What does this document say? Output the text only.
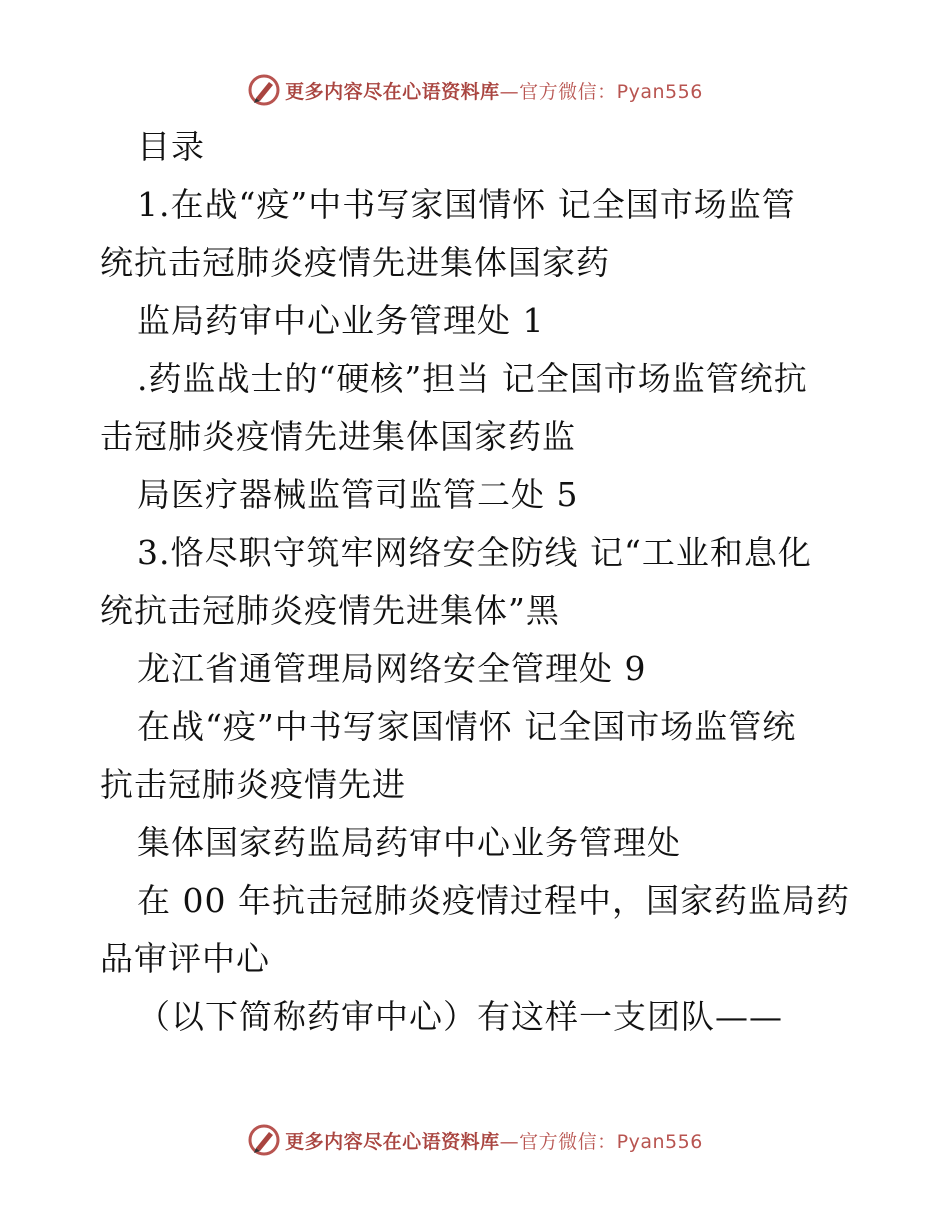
更多内容尽在心语资料库—官方微信：Pyan556
目录
1.在战“疫”中书写家国情怀 记全国市场监管
统抗击冠肺炎疫情先进集体国家药
监局药审中心业务管理处 1
.药监战士的“硬核”担当 记全国市场监管统抗
击冠肺炎疫情先进集体国家药监
局医疗器械监管司监管二处 5
3.恪尽职守筑牢网络安全防线 记“工业和息化
统抗击冠肺炎疫情先进集体”黑
龙江省通管理局网络安全管理处 9
在战“疫”中书写家国情怀 记全国市场监管统
抗击冠肺炎疫情先进
集体国家药监局药审中心业务管理处
在 00 年抗击冠肺炎疫情过程中，国家药监局药
品审评中心
（以下简称药审中心）有这样一支团队——
更多内容尽在心语资料库—官方微信：Pyan556
